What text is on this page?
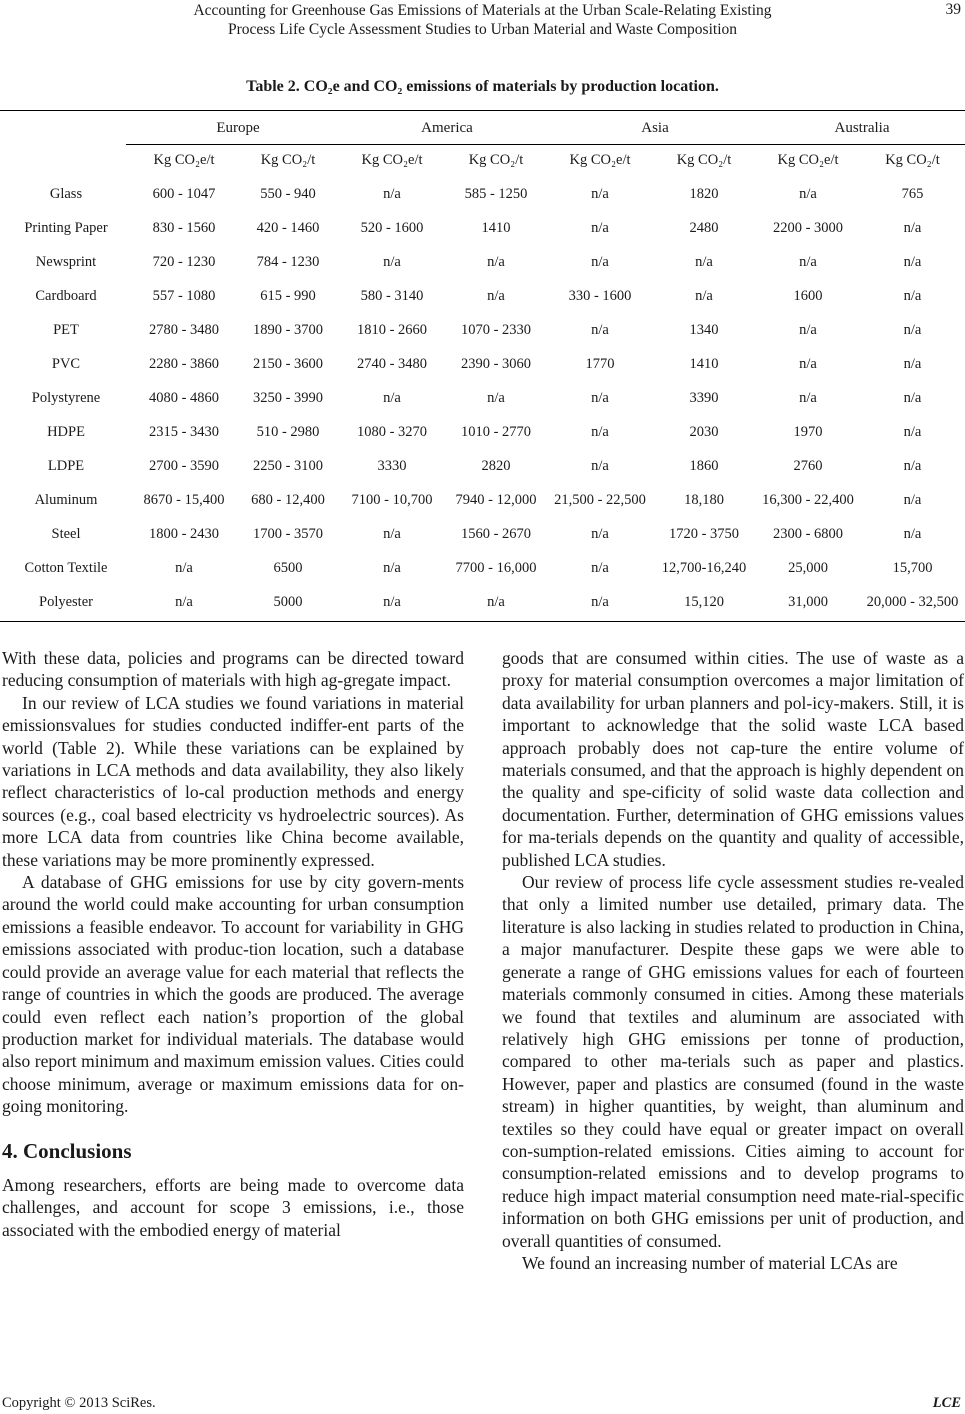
Accounting for Greenhouse Gas Emissions of Materials at the Urban Scale-Relating Existing
Process Life Cycle Assessment Studies to Urban Material and Waste Composition
39
Table 2. CO₂e and CO₂ emissions of materials by production location.
Europe	America	Asia	Australia
	Kg CO₂e/t	Kg CO₂/t	Kg CO₂e/t	Kg CO₂/t	Kg CO₂e/t	Kg CO₂/t	Kg CO₂e/t	Kg CO₂/t
Glass	600 - 1047	550 - 940	n/a	585 - 1250	n/a	1820	n/a	765
Printing Paper	830 - 1560	420 - 1460	520 - 1600	1410	n/a	2480	2200 - 3000	n/a
Newsprint	720 - 1230	784 - 1230	n/a	n/a	n/a	n/a	n/a	n/a
Cardboard	557 - 1080	615 - 990	580 - 3140	n/a	330 - 1600	n/a	1600	n/a
PET	2780 - 3480	1890 - 3700	1810 - 2660	1070 - 2330	n/a	1340	n/a	n/a
PVC	2280 - 3860	2150 - 3600	2740 - 3480	2390 - 3060	1770	1410	n/a	n/a
Polystyrene	4080 - 4860	3250 - 3990	n/a	n/a	n/a	3390	n/a	n/a
HDPE	2315 - 3430	510 - 2980	1080 - 3270	1010 - 2770	n/a	2030	1970	n/a
LDPE	2700 - 3590	2250 - 3100	3330	2820	n/a	1860	2760	n/a
Aluminum	8670 - 15,400	680 - 12,400	7100 - 10,700	7940 - 12,000	21,500 - 22,500	18,180	16,300 - 22,400	n/a
Steel	1800 - 2430	1700 - 3570	n/a	1560 - 2670	n/a	1720 - 3750	2300 - 6800	n/a
Cotton Textile	n/a	6500	n/a	7700 - 16,000	n/a	12,700-16,240	25,000	15,700
Polyester	n/a	5000	n/a	n/a	n/a	15,120	31,000	20,000 - 32,500

With these data, policies and programs can be directed toward reducing consumption of materials with high ag-gregate impact.

In our review of LCA studies we found variations in material emissionsvalues for studies conducted indiffer-ent parts of the world (Table 2). While these variations can be explained by variations in LCA methods and data availability, they also likely reflect characteristics of lo-cal production methods and energy sources (e.g., coal based electricity vs hydroelectric sources). As more LCA data from countries like China become available, these variations may be more prominently expressed.

A database of GHG emissions for use by city govern-ments around the world could make accounting for urban consumption emissions a feasible endeavor. To account for variability in GHG emissions associated with produc-tion location, such a database could provide an average value for each material that reflects the range of countries in which the goods are produced. The average could even reflect each nation’s proportion of the global production market for individual materials. The database would also report minimum and maximum emission values. Cities could choose minimum, average or maximum emissions data for on-going monitoring.

4. Conclusions

Among researchers, efforts are being made to overcome data challenges, and account for scope 3 emissions, i.e., those associated with the embodied energy of material

goods that are consumed within cities. The use of waste as a proxy for material consumption overcomes a major limitation of data availability for urban planners and pol-icy-makers. Still, it is important to acknowledge that the solid waste LCA based approach probably does not cap-ture the entire volume of materials consumed, and that the approach is highly dependent on the quality and spe-cificity of solid waste data collection and documentation. Further, determination of GHG emissions values for ma-terials depends on the quantity and quality of accessible, published LCA studies.

Our review of process life cycle assessment studies re-vealed that only a limited number use detailed, primary data. The literature is also lacking in studies related to production in China, a major manufacturer. Despite these gaps we were able to generate a range of GHG emissions values for each of fourteen materials commonly consumed in cities. Among these materials we found that textiles and aluminum are associated with relatively high GHG emissions per tonne of production, compared to other ma-terials such as paper and plastics. However, paper and plastics are consumed (found in the waste stream) in higher quantities, by weight, than aluminum and textiles so they could have equal or greater impact on overall con-sumption-related emissions. Cities aiming to account for consumption-related emissions and to develop programs to reduce high impact material consumption need mate-rial-specific information on both GHG emissions per unit of production, and overall quantities of consumed.

We found an increasing number of material LCAs are

Copyright © 2013 SciRes.	LCE
